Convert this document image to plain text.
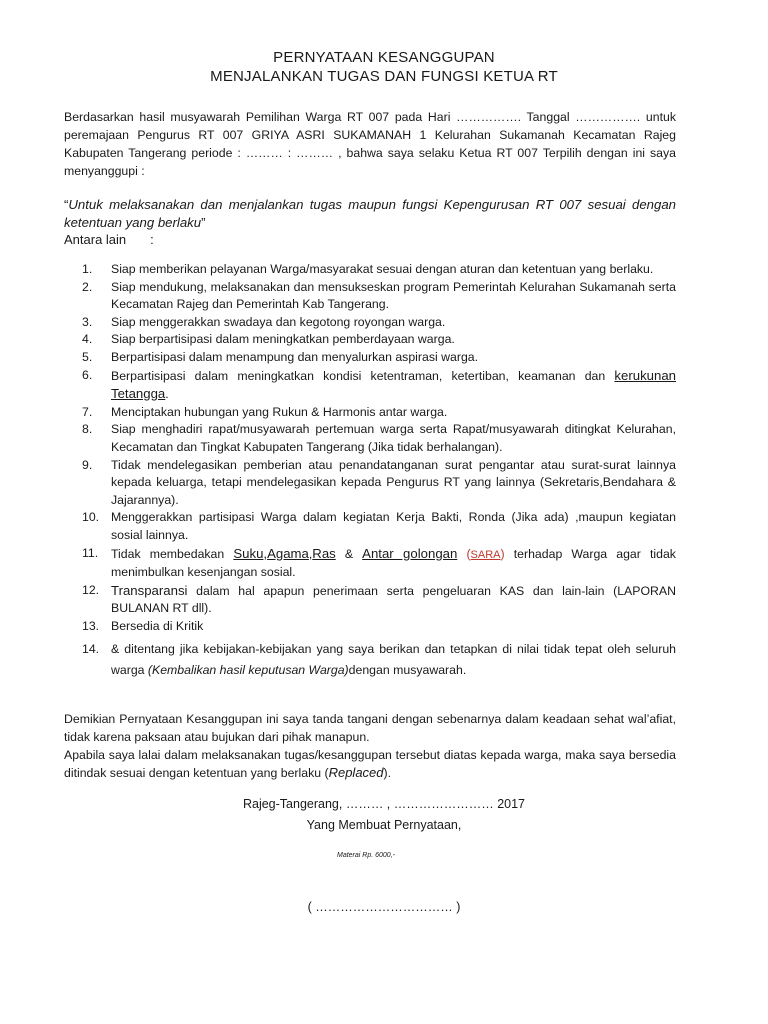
PERNYATAAN KESANGGUPAN
MENJALANKAN TUGAS DAN FUNGSI KETUA RT
Berdasarkan hasil musyawarah Pemilihan Warga RT 007 pada Hari ……………. Tanggal ……………. untuk peremajaan Pengurus RT 007 GRIYA ASRI SUKAMANAH 1 Kelurahan Sukamanah Kecamatan Rajeg Kabupaten Tangerang periode : ……… : ……… , bahwa saya selaku Ketua RT 007 Terpilih dengan ini saya menyanggupi :
“Untuk melaksanakan dan menjalankan tugas maupun fungsi Kepengurusan RT 007 sesuai dengan ketentuan yang berlaku”
Antara lain :
1.	Siap memberikan pelayanan Warga/masyarakat sesuai dengan aturan dan ketentuan yang berlaku.
2.	Siap mendukung, melaksanakan dan mensukseskan program Pemerintah Kelurahan Sukamanah serta Kecamatan Rajeg dan Pemerintah Kab Tangerang.
3.	Siap menggerakkan swadaya dan kegotong royongan warga.
4.	Siap berpartisipasi dalam meningkatkan pemberdayaan warga.
5.	Berpartisipasi dalam menampung dan menyalurkan aspirasi warga.
6.	Berpartisipasi dalam meningkatkan kondisi ketentraman, ketertiban, keamanan dan kerukunan Tetangga.
7.	Menciptakan hubungan yang Rukun & Harmonis antar warga.
8.	Siap menghadiri rapat/musyawarah pertemuan warga serta Rapat/musyawarah ditingkat Kelurahan, Kecamatan dan Tingkat Kabupaten Tangerang (Jika tidak berhalangan).
9.	Tidak mendelegasikan pemberian atau penandatanganan surat pengantar atau surat-surat lainnya kepada keluarga, tetapi mendelegasikan kepada Pengurus RT yang lainnya (Sekretaris,Bendahara & Jajarannya).
10. Menggerakkan partisipasi Warga dalam kegiatan Kerja Bakti, Ronda (Jika ada) ,maupun kegiatan sosial lainnya.
11.	Tidak membedakan Suku,Agama,Ras & Antar golongan (SARA) terhadap Warga agar tidak menimbulkan kesenjangan sosial.
12. Transparansi dalam hal apapun penerimaan serta pengeluaran KAS dan lain-lain (LAPORAN BULANAN RT dll).
13. Bersedia di Kritik
14. & ditentang jika kebijakan-kebijakan yang saya berikan dan tetapkan di nilai tidak tepat oleh seluruh warga (Kembalikan hasil keputusan Warga)dengan musyawarah.
Demikian Pernyataan Kesanggupan ini saya tanda tangani dengan sebenarnya dalam keadaan sehat wal’afiat, tidak karena paksaan atau bujukan dari pihak manapun.
Apabila saya lalai dalam melaksanakan tugas/kesanggupan tersebut diatas kepada warga, maka saya bersedia ditindak sesuai dengan ketentuan yang berlaku (Replaced).
Rajeg-Tangerang, ……… , …………………… 2017
Yang Membuat Pernyataan,
Materai Rp. 6000,-
( …………………………… )
